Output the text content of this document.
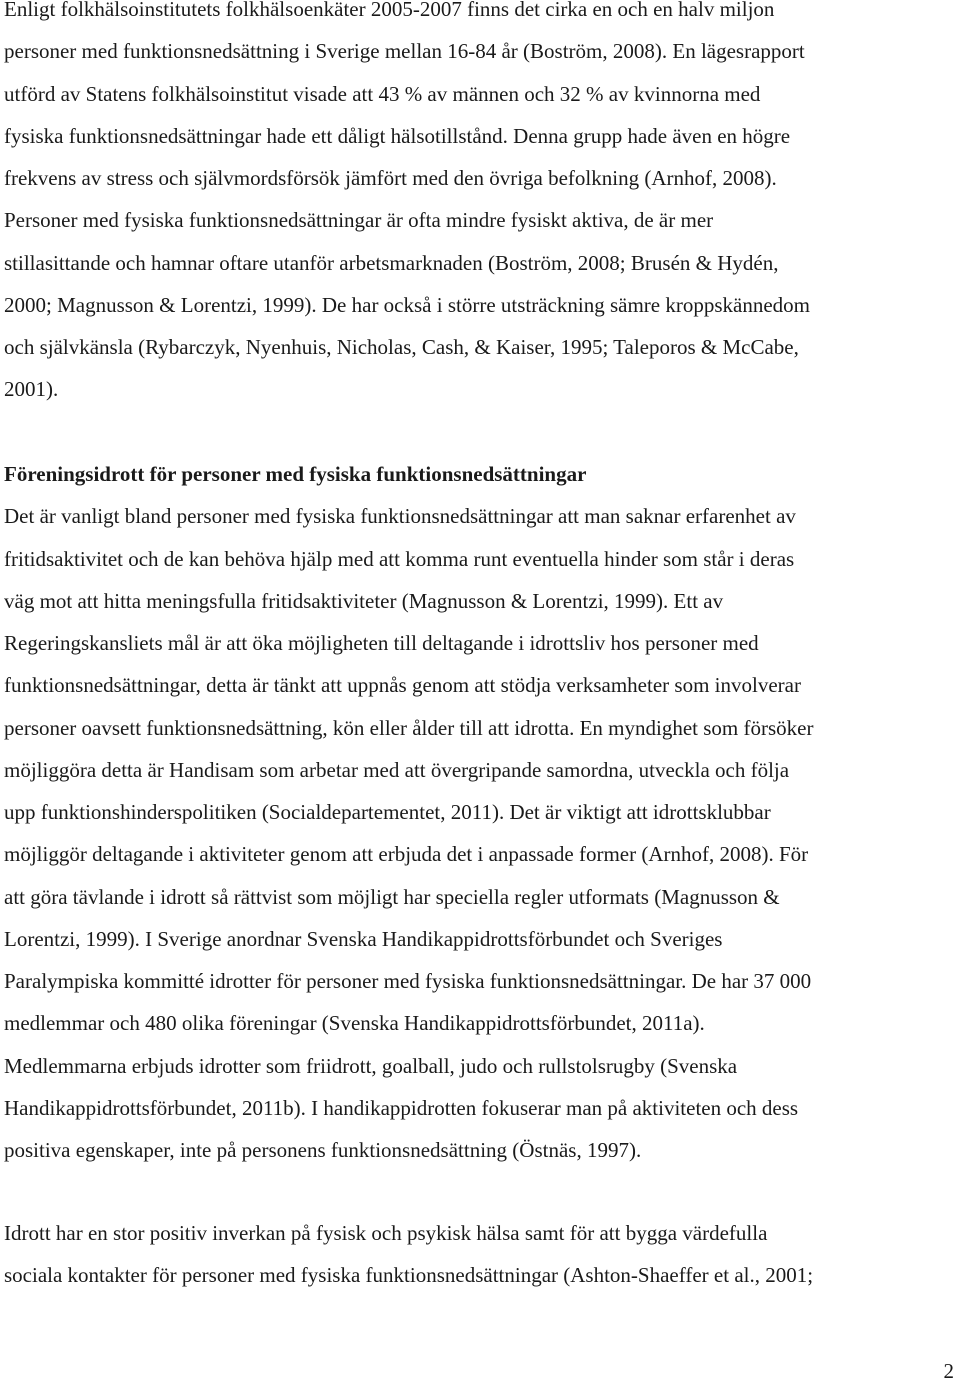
Enligt folkhälsoinstitutets folkhälsoenkäter 2005-2007 finns det cirka en och en halv miljon
personer med funktionsnedsättning i Sverige mellan 16-84 år (Boström, 2008). En lägesrapport
utförd av Statens folkhälsoinstitut visade att 43 % av männen och 32 % av kvinnorna med
fysiska funktionsnedsättningar hade ett dåligt hälsotillstånd. Denna grupp hade även en högre
frekvens av stress och självmordsförsök jämfört med den övriga befolkning (Arnhof, 2008).
Personer med fysiska funktionsnedsättningar är ofta mindre fysiskt aktiva, de är mer
stillasittande och hamnar oftare utanför arbetsmarknaden (Boström, 2008; Brusén & Hydén,
2000; Magnusson & Lorentzi, 1999). De har också i större utsträckning sämre kroppskännedom
och självkänsla (Rybarczyk, Nyenhuis, Nicholas, Cash, & Kaiser, 1995; Taleporos & McCabe,
2001).
Föreningsidrott för personer med fysiska funktionsnedsättningar
Det är vanligt bland personer med fysiska funktionsnedsättningar att man saknar erfarenhet av
fritidsaktivitet och de kan behöva hjälp med att komma runt eventuella hinder som står i deras
väg mot att hitta meningsfulla fritidsaktiviteter (Magnusson & Lorentzi, 1999). Ett av
Regeringskansliets mål är att öka möjligheten till deltagande i idrottsliv hos personer med
funktionsnedsättningar, detta är tänkt att uppnås genom att stödja verksamheter som involverar
personer oavsett funktionsnedsättning, kön eller ålder till att idrotta. En myndighet som försöker
möjliggöra detta är Handisam som arbetar med att övergripande samordna, utveckla och följa
upp funktionshinderspolitiken (Socialdepartementet, 2011). Det är viktigt att idrottsklubbar
möjliggör deltagande i aktiviteter genom att erbjuda det i anpassade former (Arnhof, 2008). För
att göra tävlande i idrott så rättvist som möjligt har speciella regler utformats (Magnusson &
Lorentzi, 1999). I Sverige anordnar Svenska Handikappidrottsförbundet och Sveriges
Paralympiska kommitté idrotter för personer med fysiska funktionsnedsättningar. De har 37 000
medlemmar och 480 olika föreningar (Svenska Handikappidrottsförbundet, 2011a).
Medlemmarna erbjuds idrotter som friidrott, goalball, judo och rullstolsrugby (Svenska
Handikappidrottsförbundet, 2011b). I handikappidrotten fokuserar man på aktiviteten och dess
positiva egenskaper, inte på personens funktionsnedsättning (Östnäs, 1997).
Idrott har en stor positiv inverkan på fysisk och psykisk hälsa samt för att bygga värdefulla
sociala kontakter för personer med fysiska funktionsnedsättningar (Ashton-Shaeffer et al., 2001;
2
